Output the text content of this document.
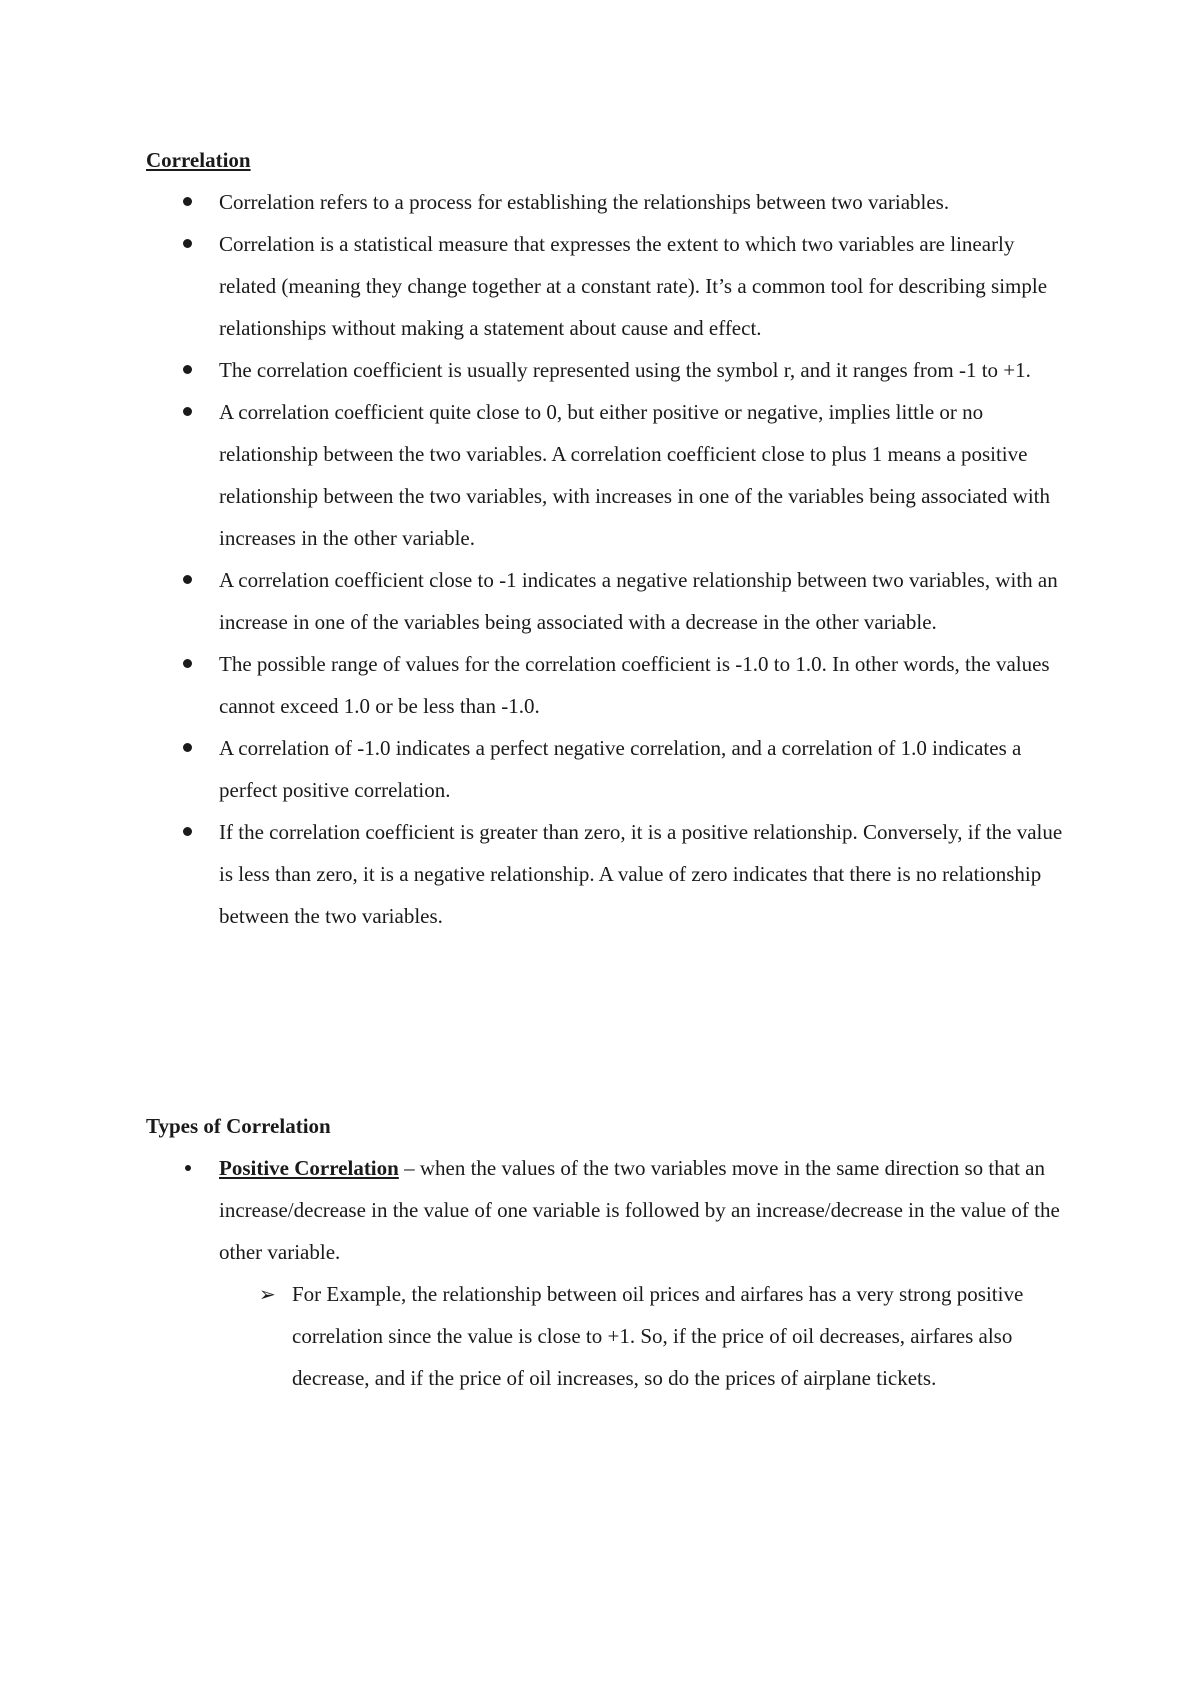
Correlation
Correlation refers to a process for establishing the relationships between two variables.
Correlation is a statistical measure that expresses the extent to which two variables are linearly related (meaning they change together at a constant rate). It’s a common tool for describing simple relationships without making a statement about cause and effect.
The correlation coefficient is usually represented using the symbol r, and it ranges from -1 to +1.
A correlation coefficient quite close to 0, but either positive or negative, implies little or no relationship between the two variables. A correlation coefficient close to plus 1 means a positive relationship between the two variables, with increases in one of the variables being associated with increases in the other variable.
A correlation coefficient close to -1 indicates a negative relationship between two variables, with an increase in one of the variables being associated with a decrease in the other variable.
The possible range of values for the correlation coefficient is -1.0 to 1.0. In other words, the values cannot exceed 1.0 or be less than -1.0.
A correlation of -1.0 indicates a perfect negative correlation, and a correlation of 1.0 indicates a perfect positive correlation.
If the correlation coefficient is greater than zero, it is a positive relationship. Conversely, if the value is less than zero, it is a negative relationship. A value of zero indicates that there is no relationship between the two variables.
Types of Correlation
Positive Correlation – when the values of the two variables move in the same direction so that an increase/decrease in the value of one variable is followed by an increase/decrease in the value of the other variable.
➢ For Example, the relationship between oil prices and airfares has a very strong positive correlation since the value is close to +1. So, if the price of oil decreases, airfares also decrease, and if the price of oil increases, so do the prices of airplane tickets.
